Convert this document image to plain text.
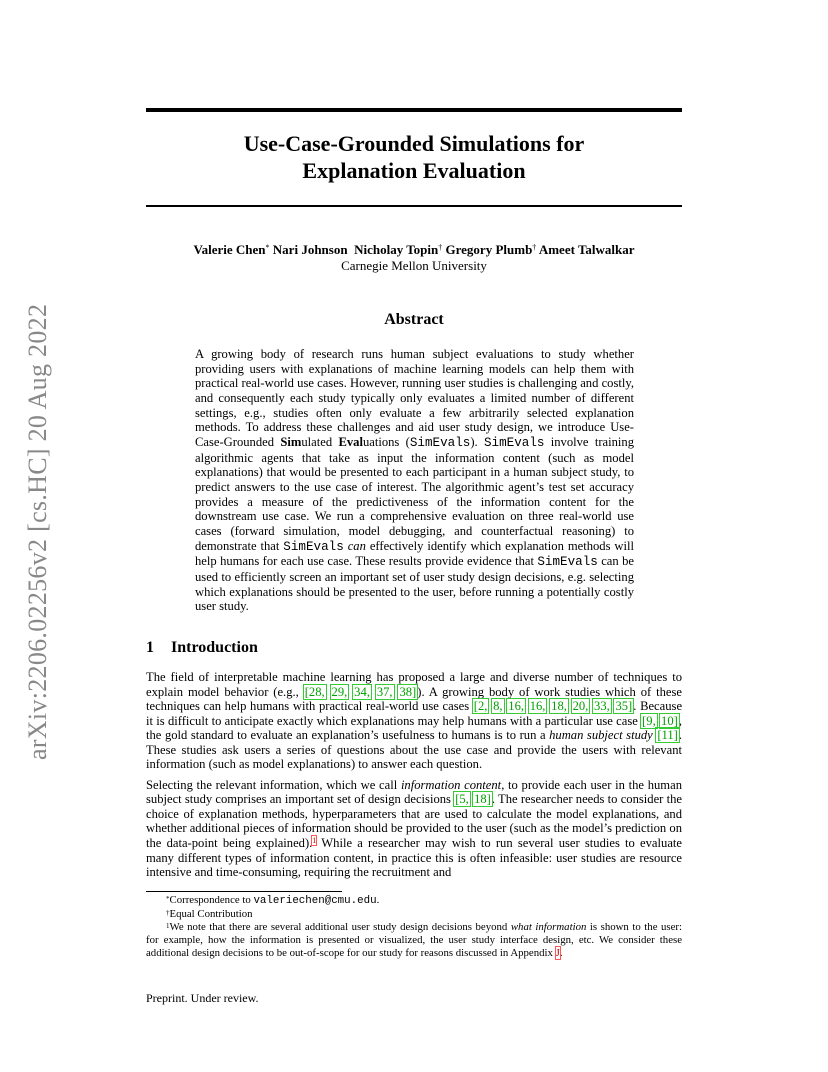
arXiv:2206.02256v2 [cs.HC] 20 Aug 2022
Use-Case-Grounded Simulations for
Explanation Evaluation
Valerie Chen* Nari Johnson Nicholay Topin† Gregory Plumb† Ameet Talwalkar
Carnegie Mellon University
Abstract
A growing body of research runs human subject evaluations to study whether providing users with explanations of machine learning models can help them with practical real-world use cases. However, running user studies is challenging and costly, and consequently each study typically only evaluates a limited number of different settings, e.g., studies often only evaluate a few arbitrarily selected explanation methods. To address these challenges and aid user study design, we introduce Use-Case-Grounded Simulated Evaluations (SimEvals). SimEvals involve training algorithmic agents that take as input the information content (such as model explanations) that would be presented to each participant in a human subject study, to predict answers to the use case of interest. The algorithmic agent’s test set accuracy provides a measure of the predictiveness of the information content for the downstream use case. We run a comprehensive evaluation on three real-world use cases (forward simulation, model debugging, and counterfactual reasoning) to demonstrate that SimEvals can effectively identify which explanation methods will help humans for each use case. These results provide evidence that SimEvals can be used to efficiently screen an important set of user study design decisions, e.g. selecting which explanations should be presented to the user, before running a potentially costly user study.
1 Introduction

The field of interpretable machine learning has proposed a large and diverse number of techniques to explain model behavior (e.g., [28, 29, 34, 37, 38]). A growing body of work studies which of these techniques can help humans with practical real-world use cases [2, 8, 16, 16, 18, 20, 33, 35]. Because it is difficult to anticipate exactly which explanations may help humans with a particular use case [9, 10], the gold standard to evaluate an explanation’s usefulness to humans is to run a human subject study [11]. These studies ask users a series of questions about the use case and provide the users with relevant information (such as model explanations) to answer each question.

Selecting the relevant information, which we call information content, to provide each user in the human subject study comprises an important set of design decisions [5, 18]. The researcher needs to consider the choice of explanation methods, hyperparameters that are used to calculate the model explanations, and whether additional pieces of information should be provided to the user (such as the model’s prediction on the data-point being explained).$^1$ While a researcher may wish to run several user studies to evaluate many different types of information content, in practice this is often infeasible: user studies are resource intensive and time-consuming, requiring the recruitment and

*Correspondence to valeriechen@cmu.edu.

†Equal Contribution

$^1$We note that there are several additional user study design decisions beyond what information is shown to the user: for example, how the information is presented or visualized, the user study interface design, etc. We consider these additional design decisions to be out-of-scope for our study for reasons discussed in Appendix J.

Preprint. Under review.
